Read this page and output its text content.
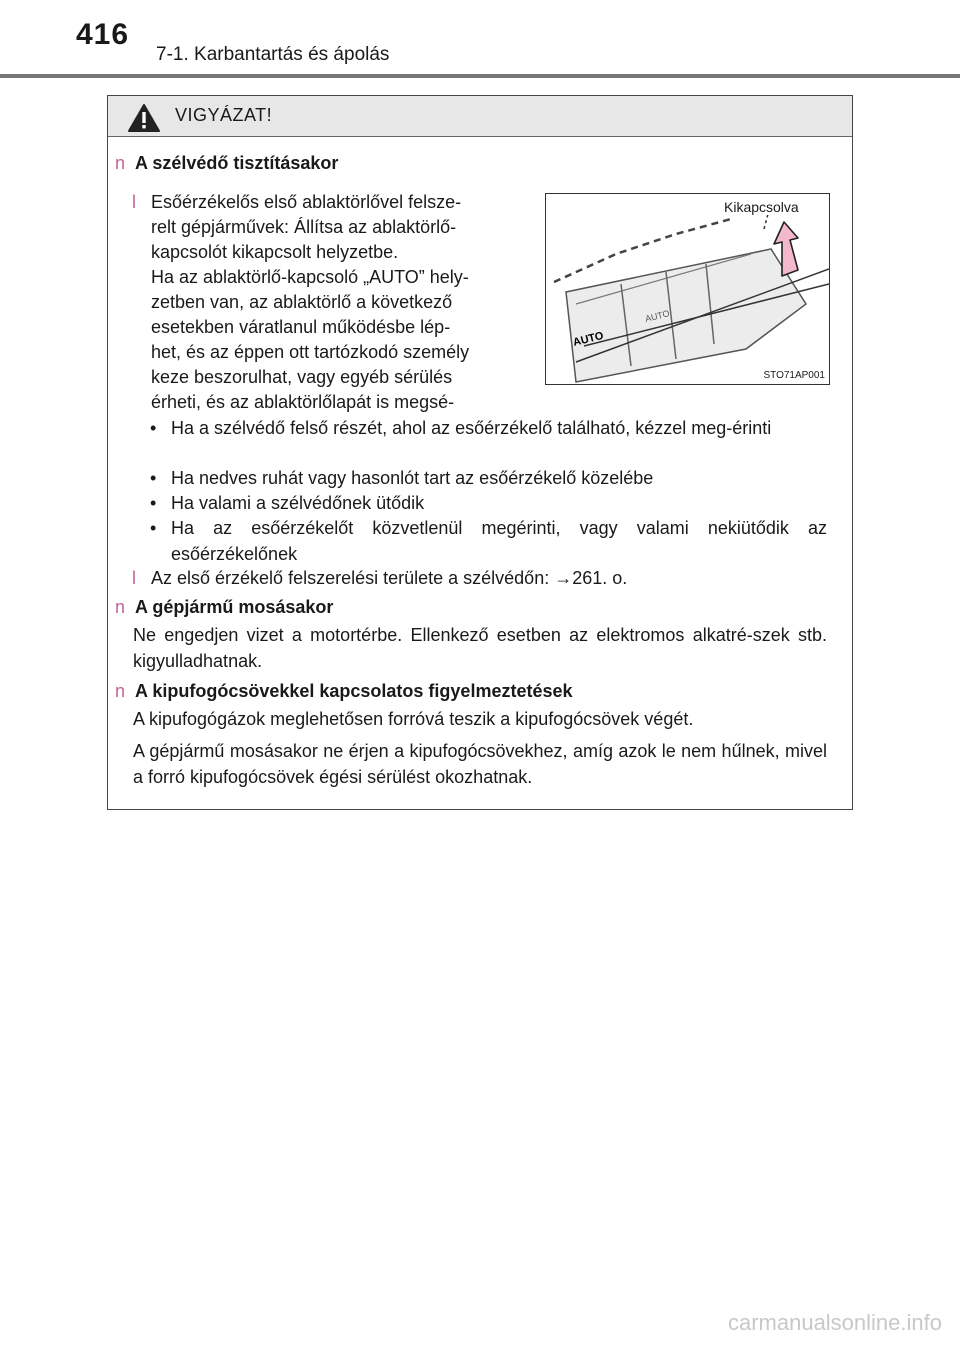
416
7-1. Karbantartás és ápolás
VIGYÁZAT!
n A szélvédő tisztításakor
l Esőérzékelős első ablaktörlővel felsze-
relt gépjárművek: Állítsa az ablaktörlő-
kapcsolót kikapcsolt helyzetbe.
Ha az ablaktörlő-kapcsoló „AUTO” hely-
zetben van, az ablaktörlő a következő
esetekben váratlanul működésbe lép-
het, és az éppen ott tartózkodó személy
keze beszorulhat, vagy egyéb sérülés
érheti, és az ablaktörlőlapát is megsé-
AUTO
AUTO
Kikapcsolva
STO71AP001
• Ha a szélvédő felső részét, ahol az esőérzékelő található, kézzel meg-érinti
• Ha nedves ruhát vagy hasonlót tart az esőérzékelő közelébe
• Ha valami a szélvédőnek ütődik
• Ha az esőérzékelőt közvetlenül megérinti, vagy valami nekiütődik az esőérzékelőnek
l Az első érzékelő felszerelési területe a szélvédőn: →261. o.
n A gépjármű mosásakor
Ne engedjen vizet a motortérbe. Ellenkező esetben az elektromos alkatré-szek stb. kigyulladhatnak.
n A kipufogócsövekkel kapcsolatos figyelmeztetések
A kipufogógázok meglehetősen forróvá teszik a kipufogócsövek végét.
A gépjármű mosásakor ne érjen a kipufogócsövekhez, amíg azok le nem hűlnek, mivel a forró kipufogócsövek égési sérülést okozhatnak.
carmanualsonline.info
